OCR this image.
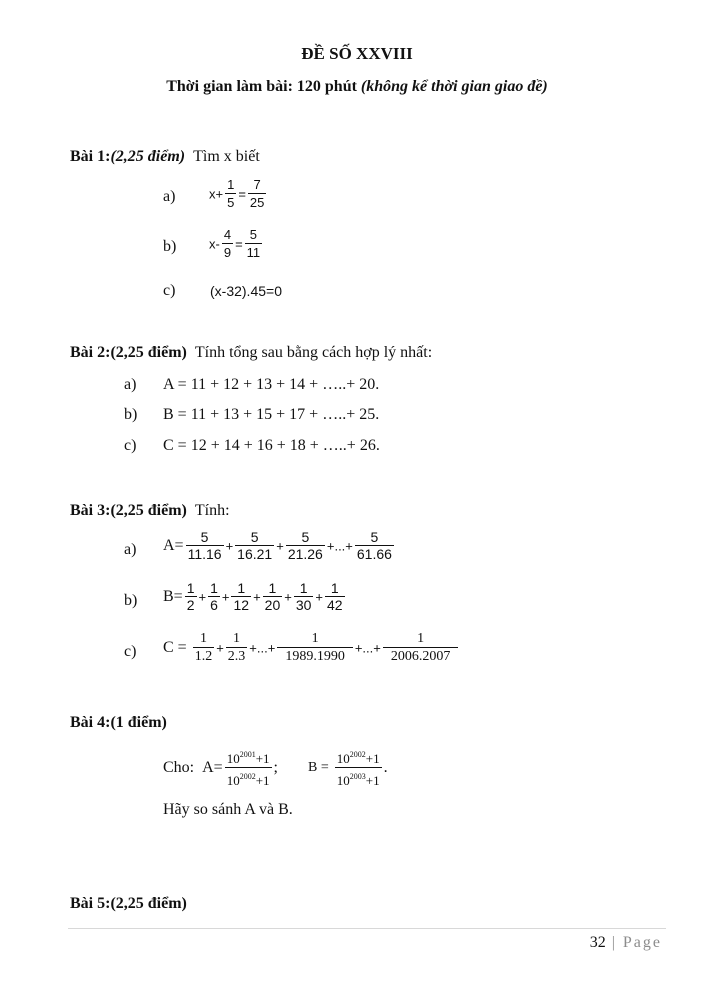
ĐỀ SỐ XXVIII
Thời gian làm bài: 120 phút (không kể thời gian giao đề)
Bài 1:(2,25 điểm) Tìm x biết
a)	$x+ \frac{1}{5} = \frac{7}{25}$
b)	$x- \frac{4}{9} = \frac{5}{11}$
c) (x-32).45=0
Bài 2:(2,25 điểm) Tính tổng sau bằng cách hợp lý nhất:
a) A = 11 + 12 + 13 + 14 + …..+ 20.
b) B = 11 + 13 + 15 + 17 + …..+ 25.
c) C = 12 + 14 + 16 + 18 + …..+ 26.
Bài 3:(2,25 điểm) Tính:
a) $A= \frac{5}{11.16} + \frac{5}{16.21} + \frac{5}{21.26}$ +...+ $\frac{5}{61.66}$
b) $B= \frac{1}{2} + \frac{1}{6} + \frac{1}{12} + \frac{1}{20} + \frac{1}{30} + \frac{1}{42}$
c) $C = \frac{1}{1.2} + \frac{1}{2.3}$ +...+ $\frac{1}{1989.1990}$ +...+ $\frac{1}{2006.2007}$
Bài 4:(1 điểm)
Cho: $A= \frac{10^{2001}+1}{10^{2002}+1}$ ; $B = \frac{10^{2002}+1}{10^{2003}+1}$ .
Hãy so sánh A và B.
Bài 5:(2,25 điểm)
32 | Page
